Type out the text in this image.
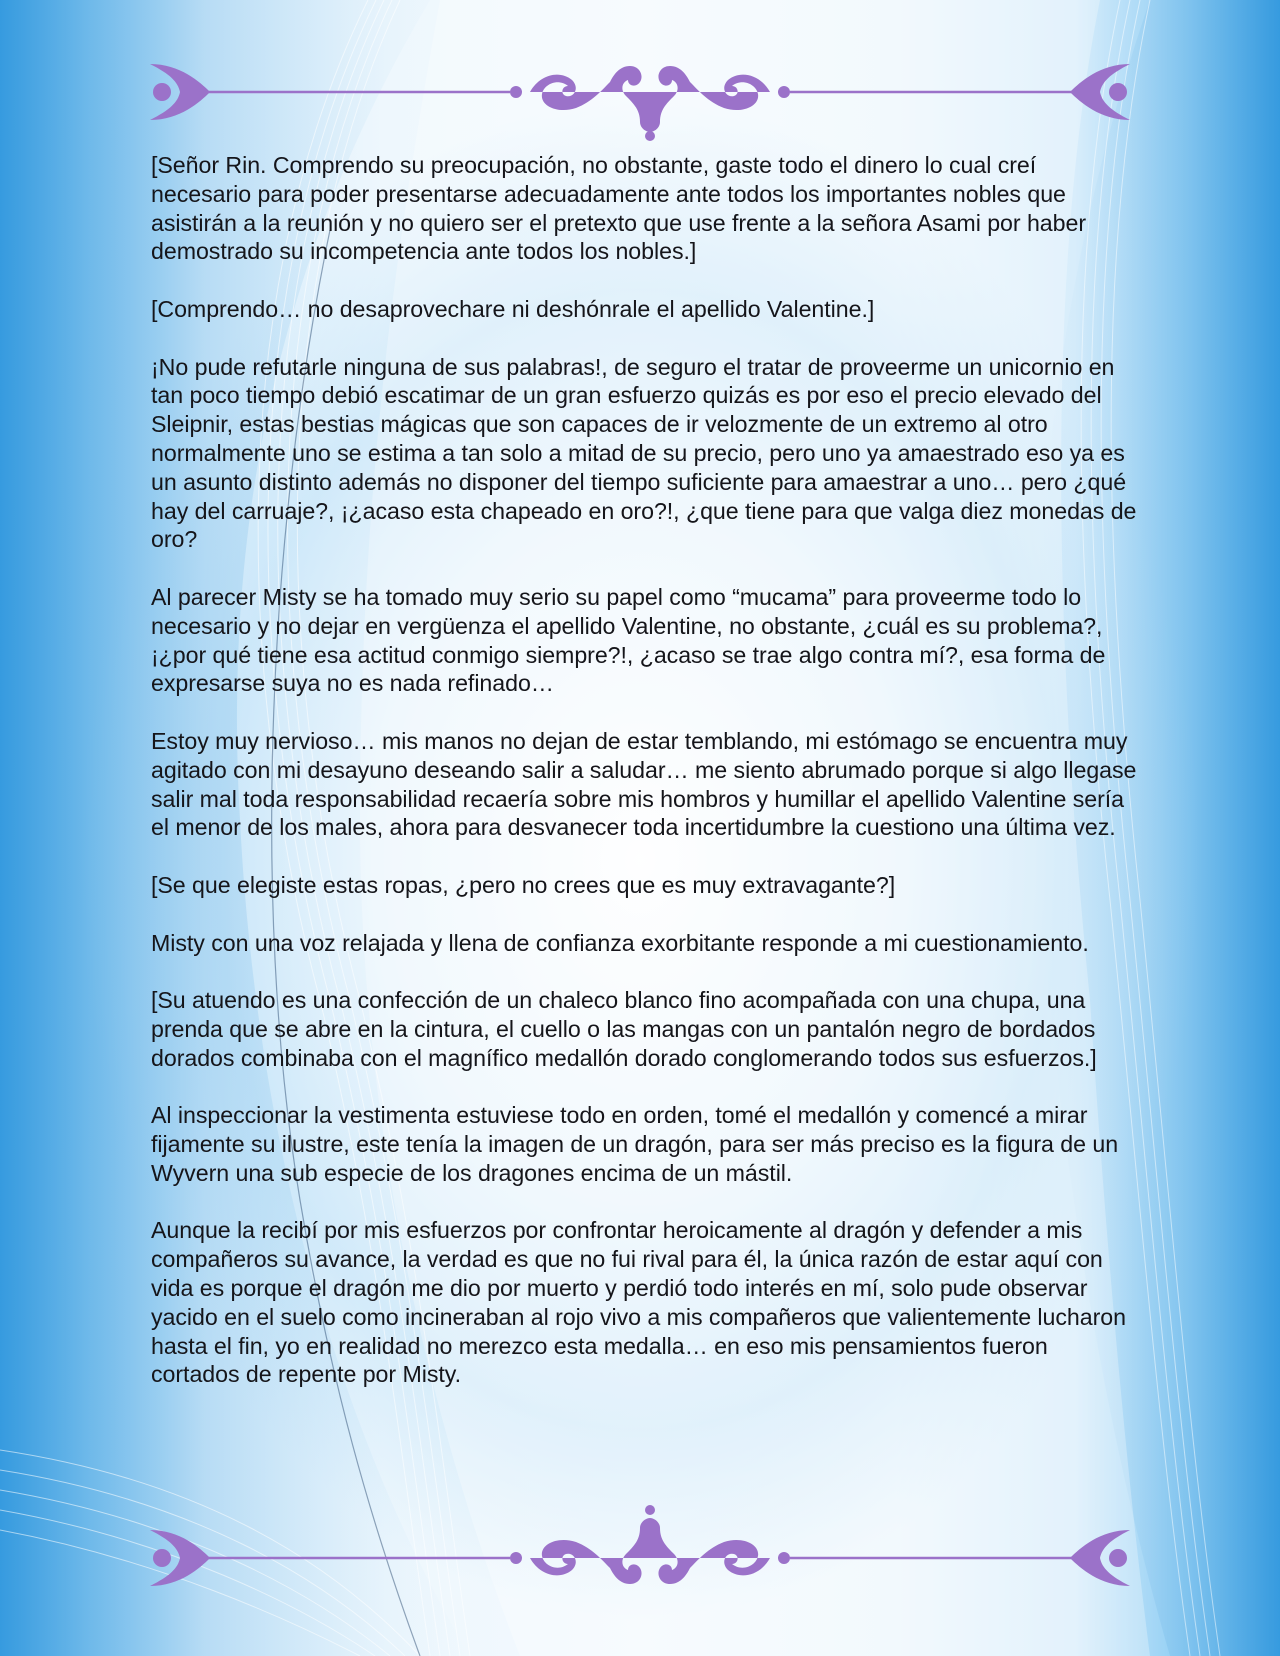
[Señor Rin. Comprendo su preocupación, no obstante, gaste todo el dinero lo cual creí necesario para poder presentarse adecuadamente ante todos los importantes nobles que asistirán a la reunión y no quiero ser el pretexto que use frente a la señora Asami por haber demostrado su incompetencia ante todos los nobles.]

[Comprendo… no desaprovechare ni deshónrale el apellido Valentine.]

¡No pude refutarle ninguna de sus palabras!, de seguro el tratar de proveerme un unicornio en tan poco tiempo debió escatimar de un gran esfuerzo quizás es por eso el precio elevado del Sleipnir, estas bestias mágicas que son capaces de ir velozmente de un extremo al otro normalmente uno se estima a tan solo a mitad de su precio, pero uno ya amaestrado eso ya es un asunto distinto además no disponer del tiempo suficiente para amaestrar a uno… pero ¿qué hay del carruaje?, ¡¿acaso esta chapeado en oro?!, ¿que tiene para que valga diez monedas de oro?

Al parecer Misty se ha tomado muy serio su papel como “mucama” para proveerme todo lo necesario y no dejar en vergüenza el apellido Valentine, no obstante, ¿cuál es su problema?, ¡¿por qué tiene esa actitud conmigo siempre?!, ¿acaso se trae algo contra mí?, esa forma de expresarse suya no es nada refinado…

Estoy muy nervioso… mis manos no dejan de estar temblando, mi estómago se encuentra muy agitado con mi desayuno deseando salir a saludar… me siento abrumado porque si algo llegase salir mal toda responsabilidad recaería sobre mis hombros y humillar el apellido Valentine sería el menor de los males, ahora para desvanecer toda incertidumbre la cuestiono una última vez.

[Se que elegiste estas ropas, ¿pero no crees que es muy extravagante?]

Misty con una voz relajada y llena de confianza exorbitante responde a mi cuestionamiento.

[Su atuendo es una confección de un chaleco blanco fino acompañada con una chupa, una prenda que se abre en la cintura, el cuello o las mangas con un pantalón negro de bordados dorados combinaba con el magnífico medallón dorado conglomerando todos sus esfuerzos.]

Al inspeccionar la vestimenta estuviese todo en orden, tomé el medallón y comencé a mirar fijamente su ilustre, este tenía la imagen de un dragón, para ser más preciso es la figura de un Wyvern una sub especie de los dragones encima de un mástil.

Aunque la recibí por mis esfuerzos por confrontar heroicamente al dragón y defender a mis compañeros su avance, la verdad es que no fui rival para él, la única razón de estar aquí con vida es porque el dragón me dio por muerto y perdió todo interés en mí, solo pude observar yacido en el suelo como incineraban al rojo vivo a mis compañeros que valientemente lucharon hasta el fin, yo en realidad no merezco esta medalla… en eso mis pensamientos fueron cortados de repente por Misty.
